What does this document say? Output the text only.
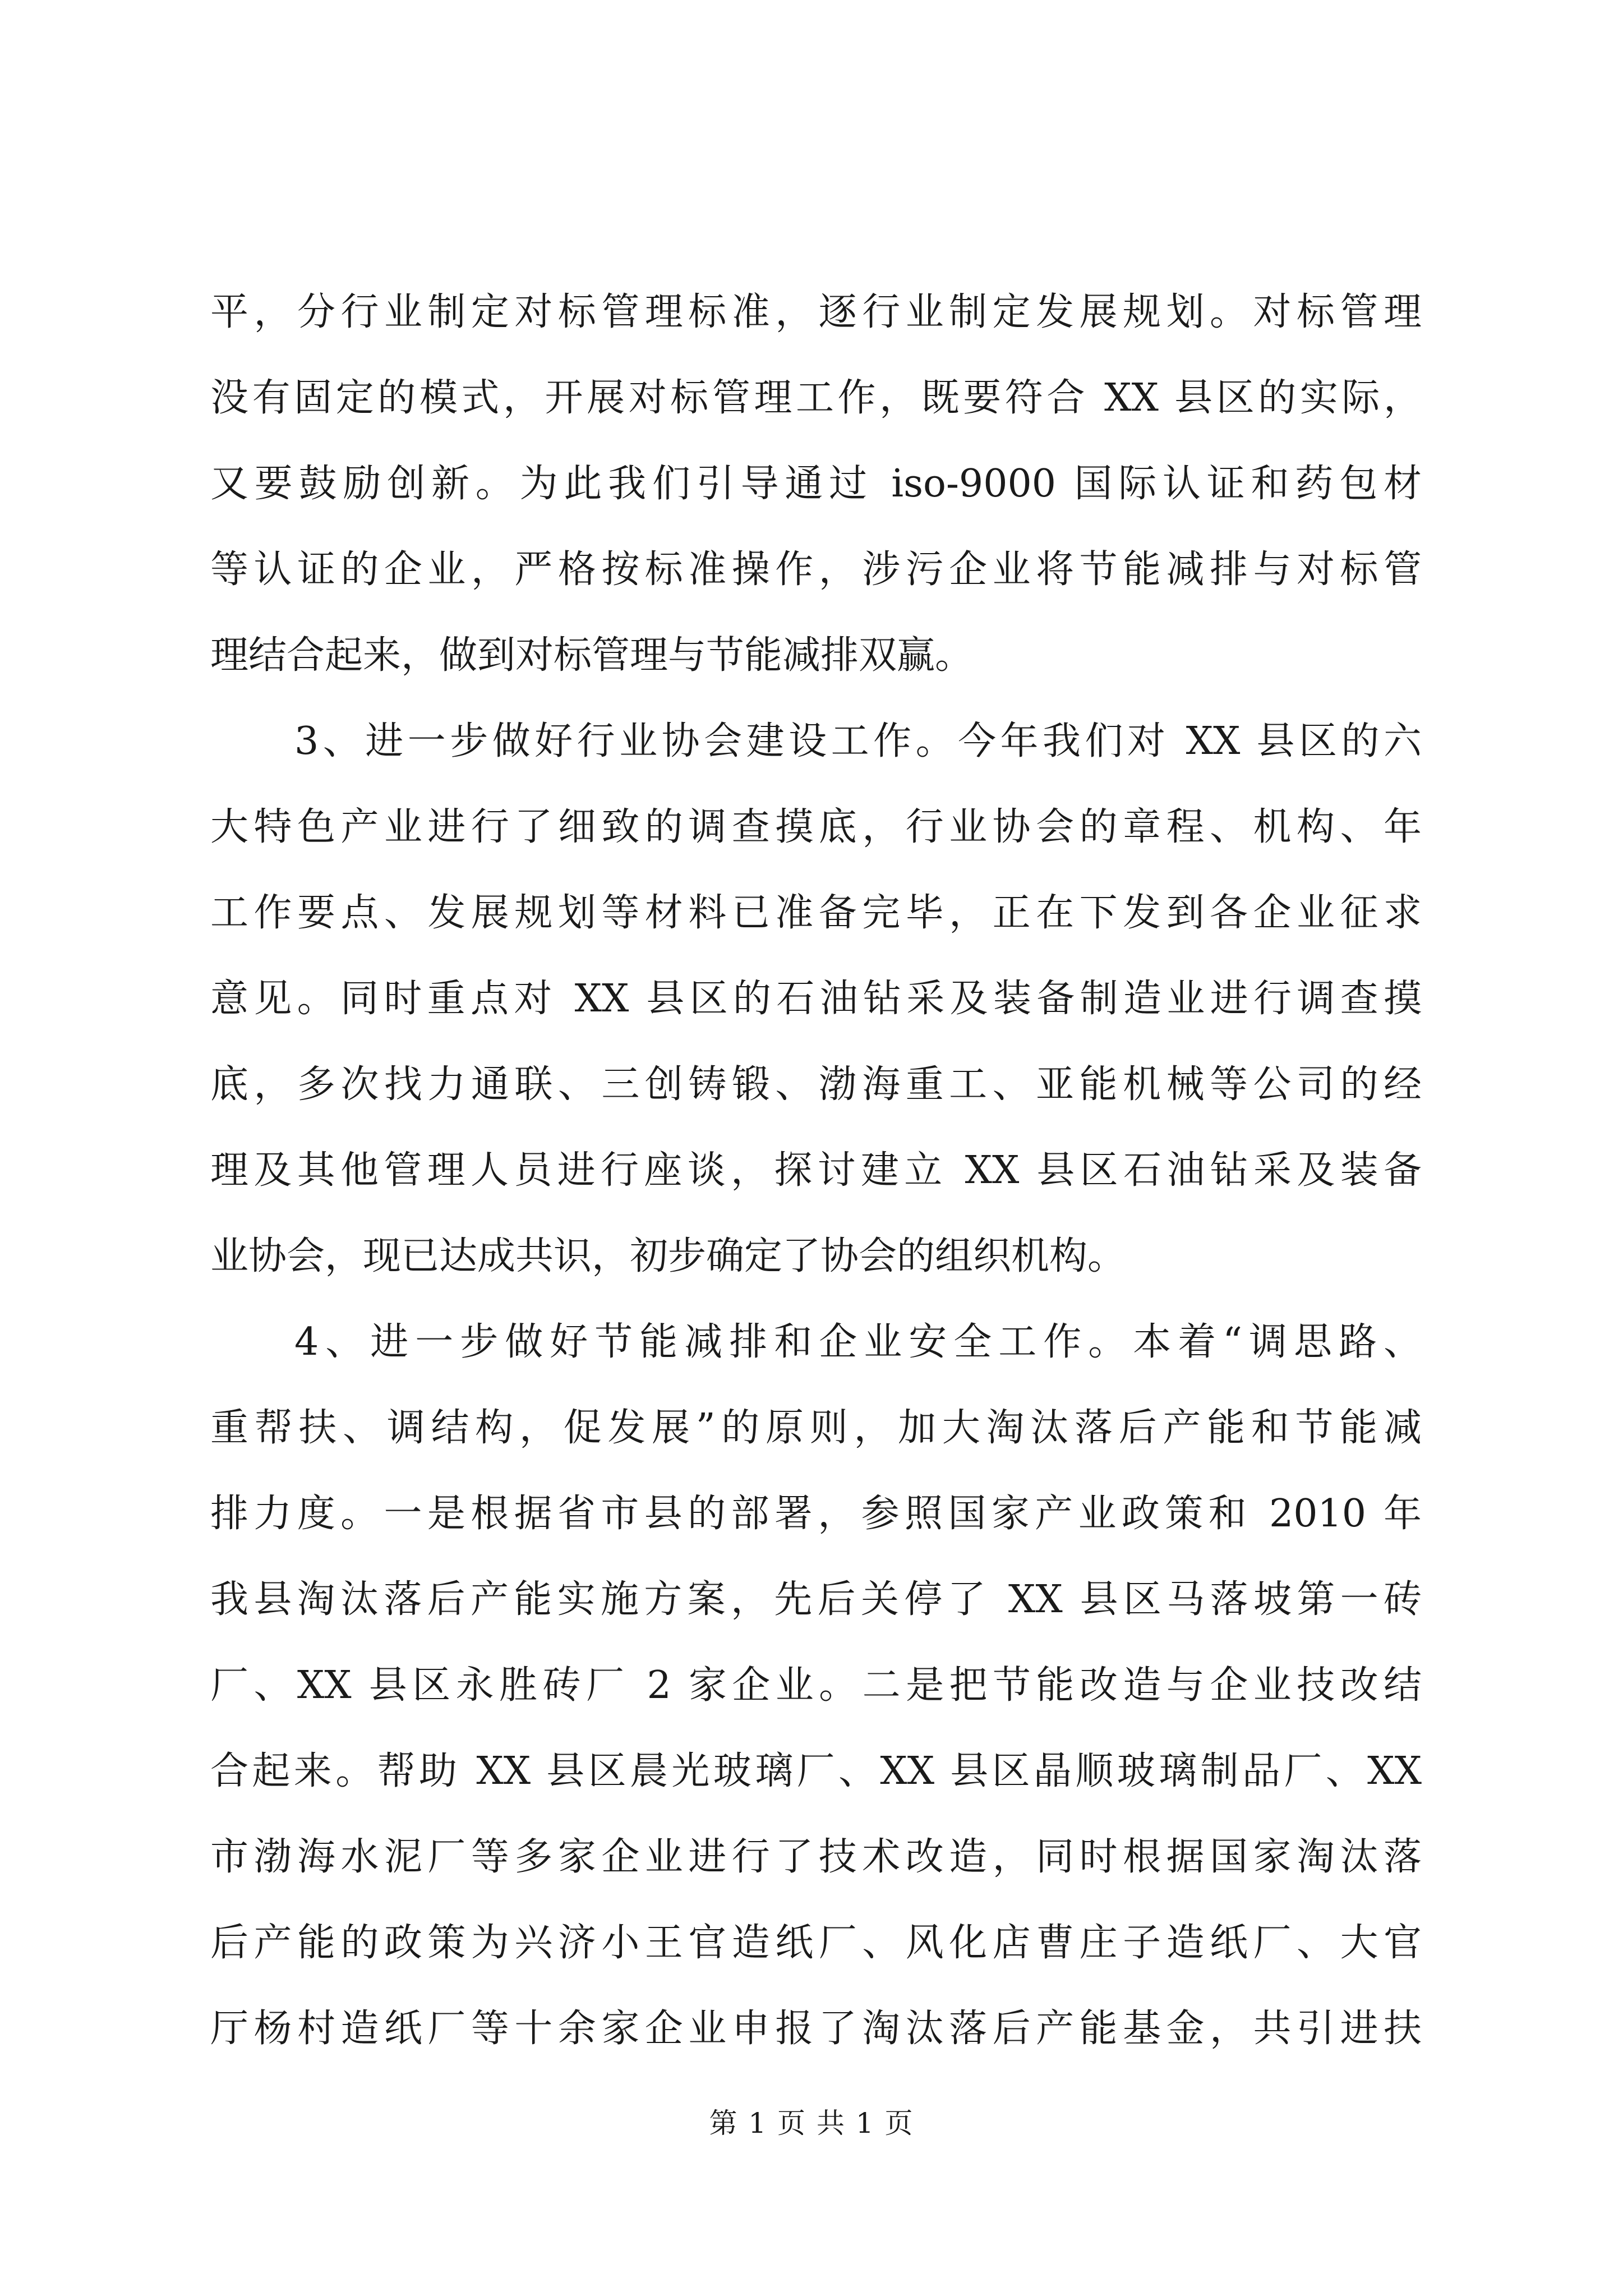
平，分行业制定对标管理标准，逐行业制定发展规划。对标管理
没有固定的模式，开展对标管理工作，既要符合 XX 县区的实际，
又要鼓励创新。为此我们引导通过 iso-9000 国际认证和药包材
等认证的企业，严格按标准操作，涉污企业将节能减排与对标管
理结合起来，做到对标管理与节能减排双赢。
3、进一步做好行业协会建设工作。今年我们对 XX 县区的六
大特色产业进行了细致的调查摸底，行业协会的章程、机构、年
工作要点、发展规划等材料已准备完毕，正在下发到各企业征求
意见。同时重点对 XX 县区的石油钻采及装备制造业进行调查摸
底，多次找力通联、三创铸锻、渤海重工、亚能机械等公司的经
理及其他管理人员进行座谈，探讨建立 XX 县区石油钻采及装备
业协会，现已达成共识，初步确定了协会的组织机构。
4、进一步做好节能减排和企业安全工作。本着“调思路、
重帮扶、调结构，促发展”的原则，加大淘汰落后产能和节能减
排力度。一是根据省市县的部署，参照国家产业政策和 2010 年
我县淘汰落后产能实施方案，先后关停了 XX 县区马落坡第一砖
厂、XX 县区永胜砖厂 2 家企业。二是把节能改造与企业技改结
合起来。帮助 XX 县区晨光玻璃厂、XX 县区晶顺玻璃制品厂、XX
市渤海水泥厂等多家企业进行了技术改造，同时根据国家淘汰落
后产能的政策为兴济小王官造纸厂、风化店曹庄子造纸厂、大官
厅杨村造纸厂等十余家企业申报了淘汰落后产能基金，共引进扶
第 1 页 共 1 页
